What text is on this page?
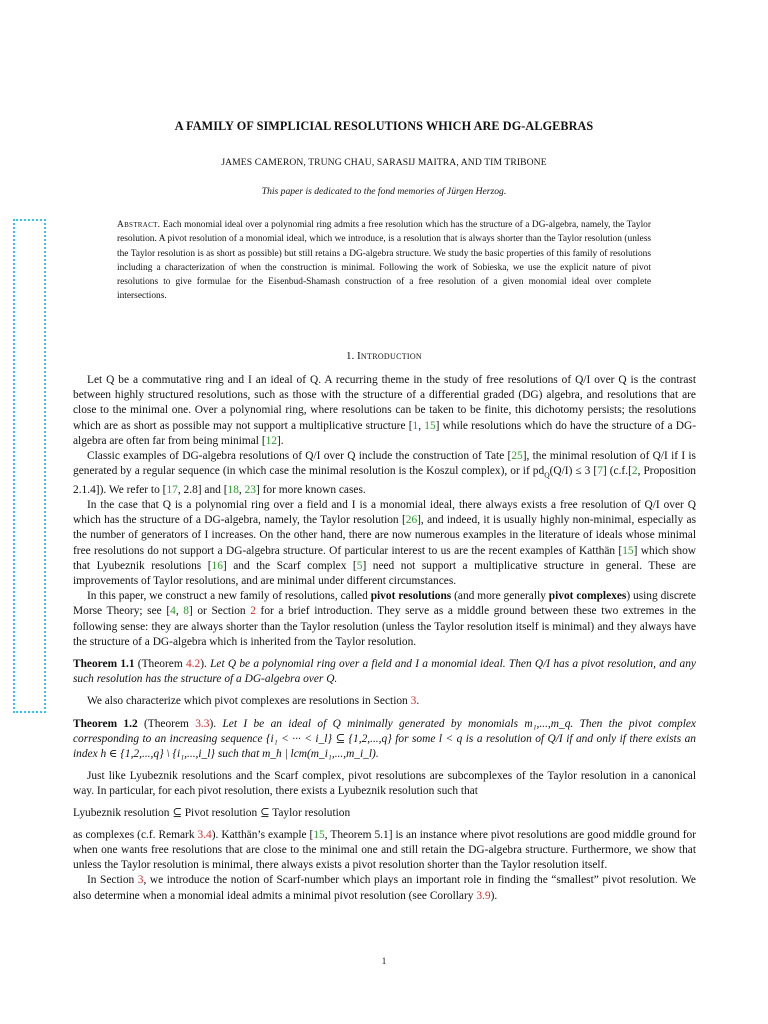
A FAMILY OF SIMPLICIAL RESOLUTIONS WHICH ARE DG-ALGEBRAS
JAMES CAMERON, TRUNG CHAU, SARASIJ MAITRA, AND TIM TRIBONE
This paper is dedicated to the fond memories of Jürgen Herzog.
Abstract. Each monomial ideal over a polynomial ring admits a free resolution which has the structure of a DG-algebra, namely, the Taylor resolution. A pivot resolution of a monomial ideal, which we introduce, is a resolution that is always shorter than the Taylor resolution (unless the Taylor resolution is as short as possible) but still retains a DG-algebra structure. We study the basic properties of this family of resolutions including a characterization of when the construction is minimal. Following the work of Sobieska, we use the explicit nature of pivot resolutions to give formulae for the Eisenbud-Shamash construction of a free resolution of a given monomial ideal over complete intersections.
1. Introduction

Let Q be a commutative ring and I an ideal of Q. A recurring theme in the study of free resolutions of Q/I over Q is the contrast between highly structured resolutions, such as those with the structure of a differential graded (DG) algebra, and resolutions that are close to the minimal one. Over a polynomial ring, where resolutions can be taken to be finite, this dichotomy persists; the resolutions which are as short as possible may not support a multiplicative structure [1, 15] while resolutions which do have the structure of a DG-algebra are often far from being minimal [12].

Classic examples of DG-algebra resolutions of Q/I over Q include the construction of Tate [25], the minimal resolution of Q/I if I is generated by a regular sequence (in which case the minimal resolution is the Koszul complex), or if $pd_Q(Q/I) \le 3$ [7] (c.f.[2, Proposition 2.1.4]). We refer to [17, 2.8] and [18, 23] for more known cases.

In the case that Q is a polynomial ring over a field and I is a monomial ideal, there always exists a free resolution of Q/I over Q which has the structure of a DG-algebra, namely, the Taylor resolution [26], and indeed, it is usually highly non-minimal, especially as the number of generators of I increases. On the other hand, there are now numerous examples in the literature of ideals whose minimal free resolutions do not support a DG-algebra structure. Of particular interest to us are the recent examples of Katthän [15] which show that Lyubeznik resolutions [16] and the Scarf complex [5] need not support a multiplicative structure in general. These are improvements of Taylor resolutions, and are minimal under different circumstances.

In this paper, we construct a new family of resolutions, called pivot resolutions (and more generally pivot complexes) using discrete Morse Theory; see [4, 8] or Section 2 for a brief introduction. They serve as a middle ground between these two extremes in the following sense: they are always shorter than the Taylor resolution (unless the Taylor resolution itself is minimal) and they always have the structure of a DG-algebra which is inherited from the Taylor resolution.

Theorem 1.1 (Theorem 4.2). Let Q be a polynomial ring over a field and I a monomial ideal. Then Q/I has a pivot resolution, and any such resolution has the structure of a DG-algebra over Q.

We also characterize which pivot complexes are resolutions in Section 3.

Theorem 1.2 (Theorem 3.3). Let I be an ideal of Q minimally generated by monomials m₁,...,m_q. Then the pivot complex corresponding to an increasing sequence {i₁ < ··· < i_l} ⊆ {1,2,...,q} for some l < q is a resolution of Q/I if and only if there exists an index h ∈ {1,2,...,q} \ {i₁,...,i_l} such that m_h | lcm(m_i₁,...,m_i_l).

Just like Lyubeznik resolutions and the Scarf complex, pivot resolutions are subcomplexes of the Taylor resolution in a canonical way. In particular, for each pivot resolution, there exists a Lyubeznik resolution such that

Lyubeznik resolution ⊆ Pivot resolution ⊆ Taylor resolution

as complexes (c.f. Remark 3.4). Katthän’s example [15, Theorem 5.1] is an instance where pivot resolutions are good middle ground for when one wants free resolutions that are close to the minimal one and still retain the DG-algebra structure. Furthermore, we show that unless the Taylor resolution is minimal, there always exists a pivot resolution shorter than the Taylor resolution itself.

In Section 3, we introduce the notion of Scarf-number which plays an important role in finding the “smallest” pivot resolution. We also determine when a monomial ideal admits a minimal pivot resolution (see Corollary 3.9).

1
